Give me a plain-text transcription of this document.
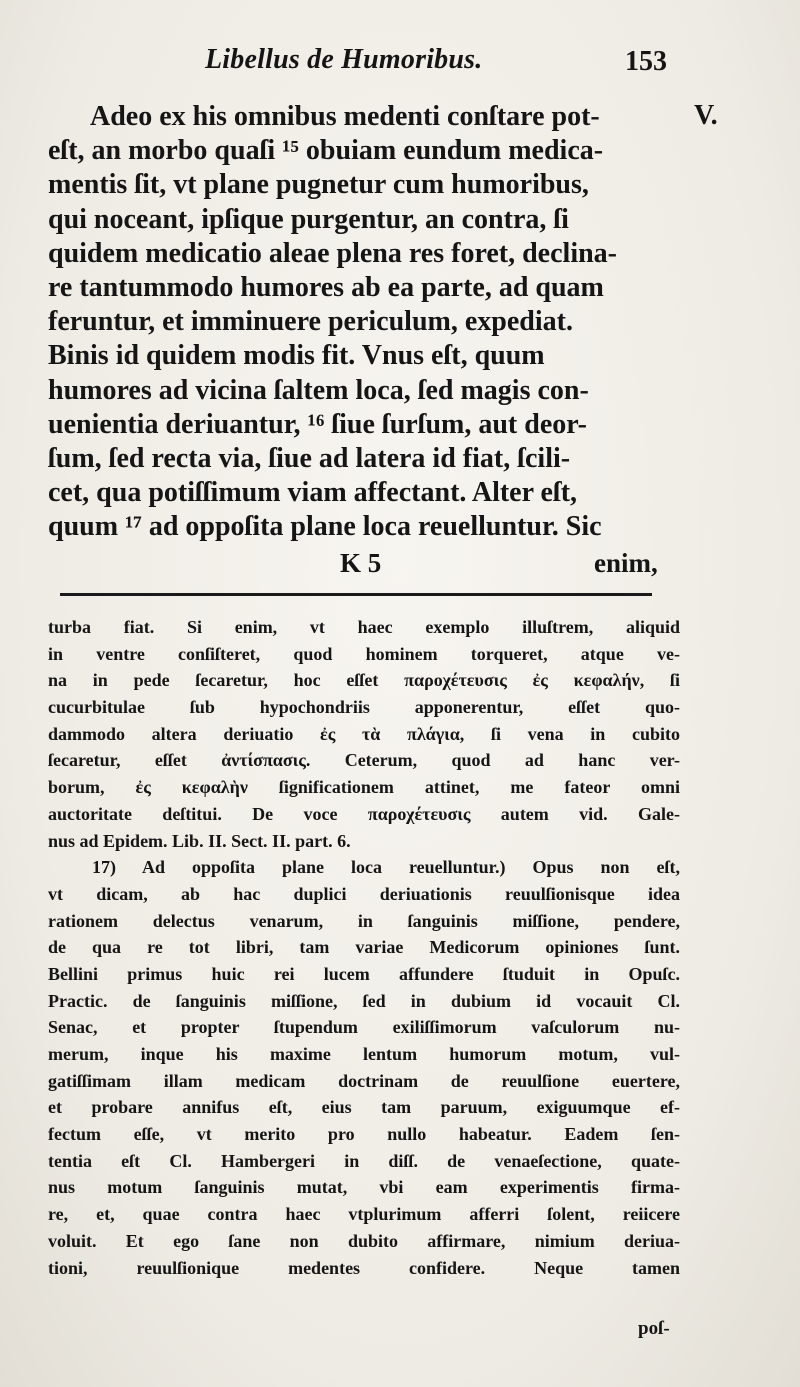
Libellus de Humoribus.	153
V.
Adeo ex his omnibus medenti conſtare pot-
eſt, an morbo quaſi ¹⁵ obuiam eundum medica-
mentis ſit, vt plane pugnetur cum humoribus,
qui noceant, ipſique purgentur, an contra, ſi
quidem medicatio aleae plena res foret, declina-
re tantummodo humores ab ea parte, ad quam
feruntur, et imminuere periculum, expediat.
Binis id quidem modis fit. Vnus eſt, quum
humores ad vicina ſaltem loca, ſed magis con-
uenientia deriuantur, ¹⁶ ſiue ſurſum, aut deor-
ſum, ſed recta via, ſiue ad latera id fiat, ſcili-
cet, qua potiſſimum viam affectant. Alter eſt,
quum ¹⁷ ad oppoſita plane loca reuelluntur. Sic
K 5	enim,
turba fiat. Si enim, vt haec exemplo illuſtrem, aliquid
in ventre conſiſteret, quod hominem torqueret, atque ve-
na in pede ſecaretur, hoc eſſet παροχέτευσις ἐς κεφαλήν, ſi
cucurbitulae ſub hypochondriis apponerentur, eſſet quo-
dammodo altera deriuatio ἐς τὰ πλάγια, ſi vena in cubito
ſecaretur, eſſet ἀντίσπασις. Ceterum, quod ad hanc ver-
borum, ἐς κεφαλὴν ſignificationem attinet, me fateor omni
auctoritate deſtitui. De voce παροχέτευσις autem vid. Gale-
nus ad Epidem. Lib. II. Sect. II. part. 6.
17) Ad oppoſita plane loca reuelluntur.) Opus non eſt,
vt dicam, ab hac duplici deriuationis reuulſionisque idea
rationem delectus venarum, in ſanguinis miſſione, pendere,
de qua re tot libri, tam variae Medicorum opiniones ſunt.
Bellini primus huic rei lucem affundere ſtuduit in Opuſc.
Practic. de ſanguinis miſſione, ſed in dubium id vocauit Cl.
Senac, et propter ſtupendum exiliſſimorum vaſculorum nu-
merum, inque his maxime lentum humorum motum, vul-
gatiſſimam illam medicam doctrinam de reuulſione euertere,
et probare annifus eſt, eius tam paruum, exiguumque ef-
fectum eſſe, vt merito pro nullo habeatur. Eadem ſen-
tentia eſt Cl. Hambergeri in diſſ. de venaeſectione, quate-
nus motum ſanguinis mutat, vbi eam experimentis firma-
re, et, quae contra haec vtplurimum afferri ſolent, reiicere
voluit. Et ego ſane non dubito affirmare, nimium deriua-
tioni, reuulſionique medentes confidere. Neque tamen
poſ-
